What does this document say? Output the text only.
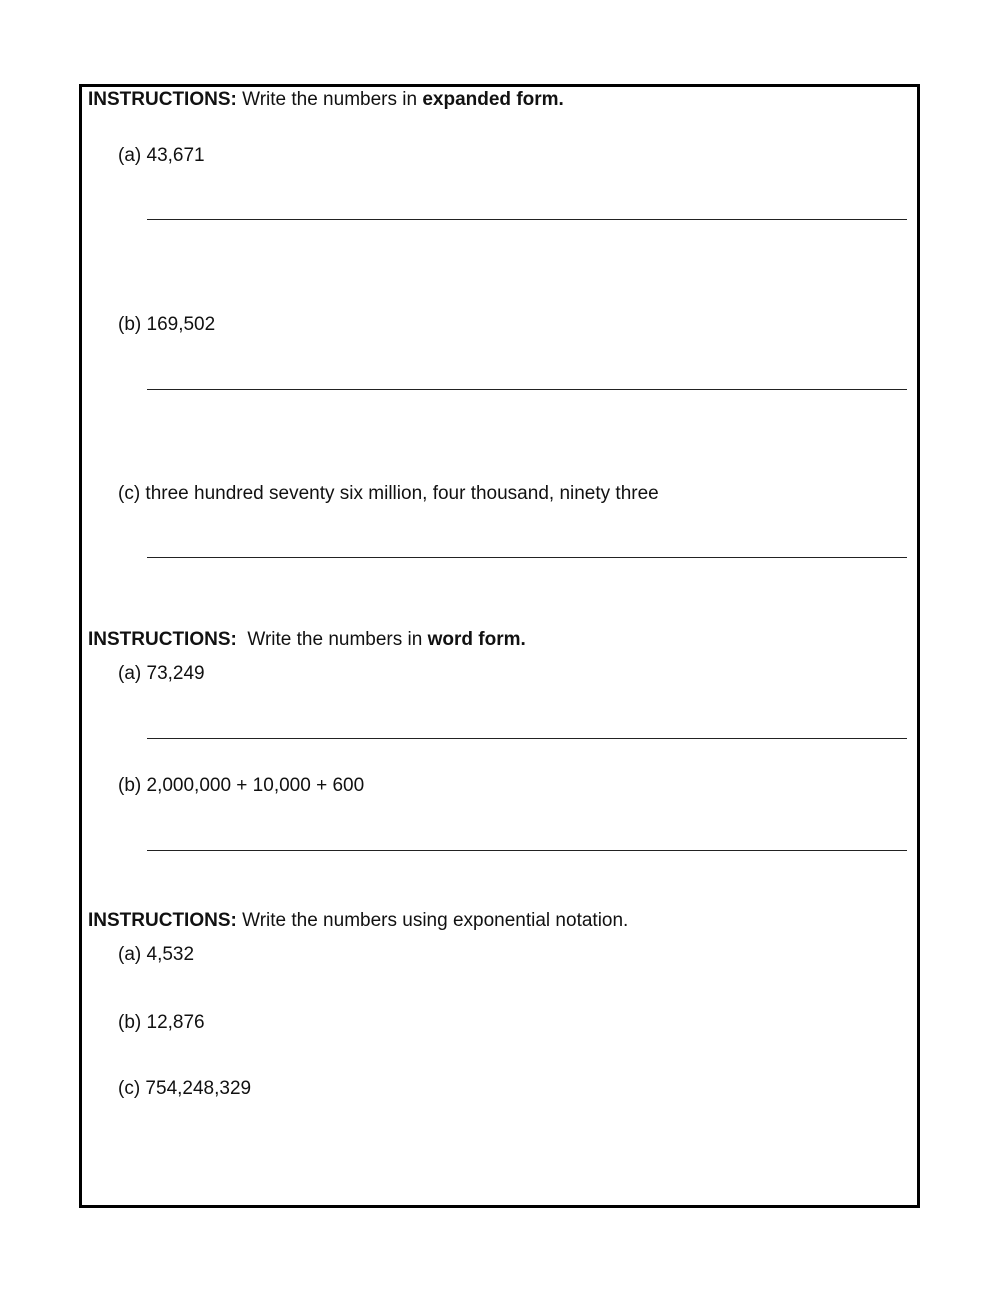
INSTRUCTIONS: Write the numbers in expanded form.
(a) 43,671
(b) 169,502
(c) three hundred seventy six million, four thousand, ninety three
INSTRUCTIONS:  Write the numbers in word form.
(a) 73,249
(b) 2,000,000 + 10,000 + 600
INSTRUCTIONS: Write the numbers using exponential notation.
(a) 4,532
(b) 12,876
(c) 754,248,329
